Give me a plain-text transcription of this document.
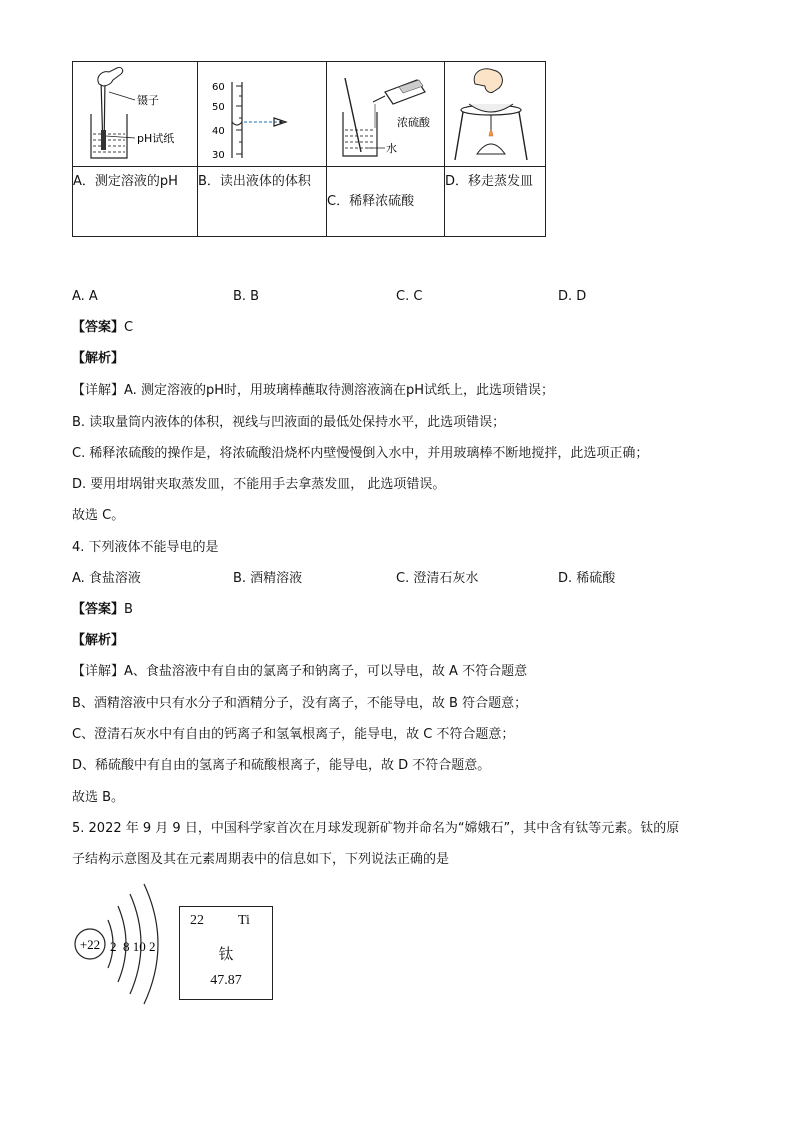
镊子
pH试纸	60
50
40
30	浓硫酸
水

A．测定溶液的pH	B．读出液体的体积	C．稀释浓硫酸	D．移走蒸发皿
A. A	B. B	C. C	D. D
【答案】C
【解析】
【详解】A. 测定溶液的pH时，用玻璃棒蘸取待测溶液滴在pH试纸上，此选项错误；
B. 读取量筒内液体的体积，视线与凹液面的最低处保持水平，此选项错误；
C. 稀释浓硫酸的操作是，将浓硫酸沿烧杯内壁慢慢倒入水中，并用玻璃棒不断地搅拌，此选项正确；
D. 要用坩埚钳夹取蒸发皿，不能用手去拿蒸发皿， 此选项错误。
故选 C。
4. 下列液体不能导电的是
A. 食盐溶液	B. 酒精溶液	C. 澄清石灰水	D. 稀硫酸
【答案】B
【解析】
【详解】A、食盐溶液中有自由的氯离子和钠离子，可以导电，故 A 不符合题意
B、酒精溶液中只有水分子和酒精分子，没有离子，不能导电，故 B 符合题意；
C、澄清石灰水中有自由的钙离子和氢氧根离子，能导电，故 C 不符合题意；
D、稀硫酸中有自由的氢离子和硫酸根离子，能导电，故 D 不符合题意。
故选 B。
5. 2022 年 9 月 9 日，中国科学家首次在月球发现新矿物并命名为“嫦娥石”，其中含有钛等元素。钛的原
子结构示意图及其在元素周期表中的信息如下，下列说法正确的是
+22 2  8 10 2
22 Ti
钛
47.87
